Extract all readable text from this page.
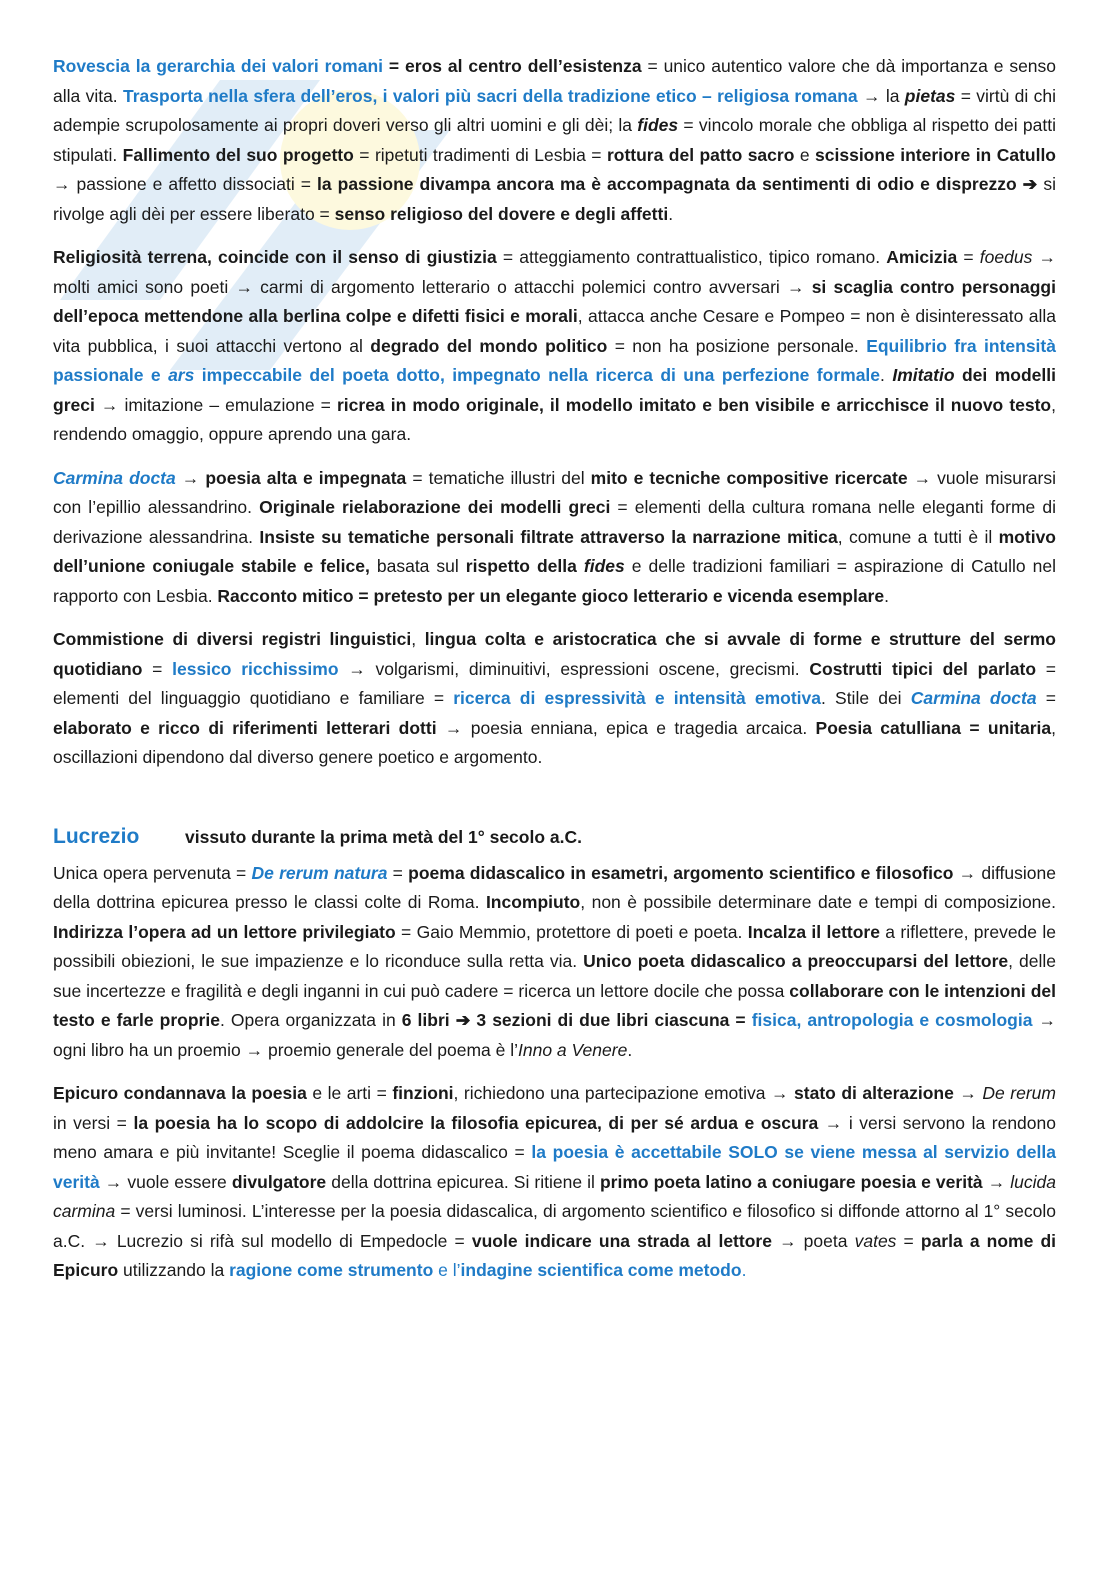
Rovescia la gerarchia dei valori romani = eros al centro dell’esistenza = unico autentico valore che dà importanza e senso alla vita. Trasporta nella sfera dell’eros, i valori più sacri della tradizione etico – religiosa romana → la pietas = virtù di chi adempie scrupolosamente ai propri doveri verso gli altri uomini e gli dèi; la fides = vincolo morale che obbliga al rispetto dei patti stipulati. Fallimento del suo progetto = ripetuti tradimenti di Lesbia = rottura del patto sacro e scissione interiore in Catullo → passione e affetto dissociati = la passione divampa ancora ma è accompagnata da sentimenti di odio e disprezzo ➔ si rivolge agli dèi per essere liberato = senso religioso del dovere e degli affetti.

Religiosità terrena, coincide con il senso di giustizia = atteggiamento contrattualistico, tipico romano. Amicizia = foedus → molti amici sono poeti → carmi di argomento letterario o attacchi polemici contro avversari → si scaglia contro personaggi dell’epoca mettendone alla berlina colpe e difetti fisici e morali, attacca anche Cesare e Pompeo = non è disinteressato alla vita pubblica, i suoi attacchi vertono al degrado del mondo politico = non ha posizione personale. Equilibrio fra intensità passionale e ars impeccabile del poeta dotto, impegnato nella ricerca di una perfezione formale. Imitatio dei modelli greci → imitazione – emulazione = ricrea in modo originale, il modello imitato e ben visibile e arricchisce il nuovo testo, rendendo omaggio, oppure aprendo una gara.

Carmina docta → poesia alta e impegnata = tematiche illustri del mito e tecniche compositive ricercate → vuole misurarsi con l’epillio alessandrino. Originale rielaborazione dei modelli greci = elementi della cultura romana nelle eleganti forme di derivazione alessandrina. Insiste su tematiche personali filtrate attraverso la narrazione mitica, comune a tutti è il motivo dell’unione coniugale stabile e felice, basata sul rispetto della fides e delle tradizioni familiari = aspirazione di Catullo nel rapporto con Lesbia. Racconto mitico = pretesto per un elegante gioco letterario e vicenda esemplare.

Commistione di diversi registri linguistici, lingua colta e aristocratica che si avvale di forme e strutture del sermo quotidiano = lessico ricchissimo → volgarismi, diminuitivi, espressioni oscene, grecismi. Costrutti tipici del parlato = elementi del linguaggio quotidiano e familiare = ricerca di espressività e intensità emotiva. Stile dei Carmina docta = elaborato e ricco di riferimenti letterari dotti → poesia enniana, epica e tragedia arcaica. Poesia catulliana = unitaria, oscillazioni dipendono dal diverso genere poetico e argomento.

Lucrezio	vissuto durante la prima metà del 1° secolo a.C.

Unica opera pervenuta = De rerum natura = poema didascalico in esametri, argomento scientifico e filosofico → diffusione della dottrina epicurea presso le classi colte di Roma. Incompiuto, non è possibile determinare date e tempi di composizione. Indirizza l’opera ad un lettore privilegiato = Gaio Memmio, protettore di poeti e poeta. Incalza il lettore a riflettere, prevede le possibili obiezioni, le sue impazienze e lo riconduce sulla retta via. Unico poeta didascalico a preoccuparsi del lettore, delle sue incertezze e fragilità e degli inganni in cui può cadere = ricerca un lettore docile che possa collaborare con le intenzioni del testo e farle proprie. Opera organizzata in 6 libri ➔ 3 sezioni di due libri ciascuna = fisica, antropologia e cosmologia → ogni libro ha un proemio → proemio generale del poema è l’Inno a Venere.

Epicuro condannava la poesia e le arti = finzioni, richiedono una partecipazione emotiva → stato di alterazione → De rerum in versi = la poesia ha lo scopo di addolcire la filosofia epicurea, di per sé ardua e oscura → i versi servono la rendono meno amara e più invitante! Sceglie il poema didascalico = la poesia è accettabile SOLO se viene messa al servizio della verità → vuole essere divulgatore della dottrina epicurea. Si ritiene il primo poeta latino a coniugare poesia e verità → lucida carmina = versi luminosi. L’interesse per la poesia didascalica, di argomento scientifico e filosofico si diffonde attorno al 1° secolo a.C. → Lucrezio si rifà sul modello di Empedocle = vuole indicare una strada al lettore → poeta vates = parla a nome di Epicuro utilizzando la ragione come strumento e l’indagine scientifica come metodo.
